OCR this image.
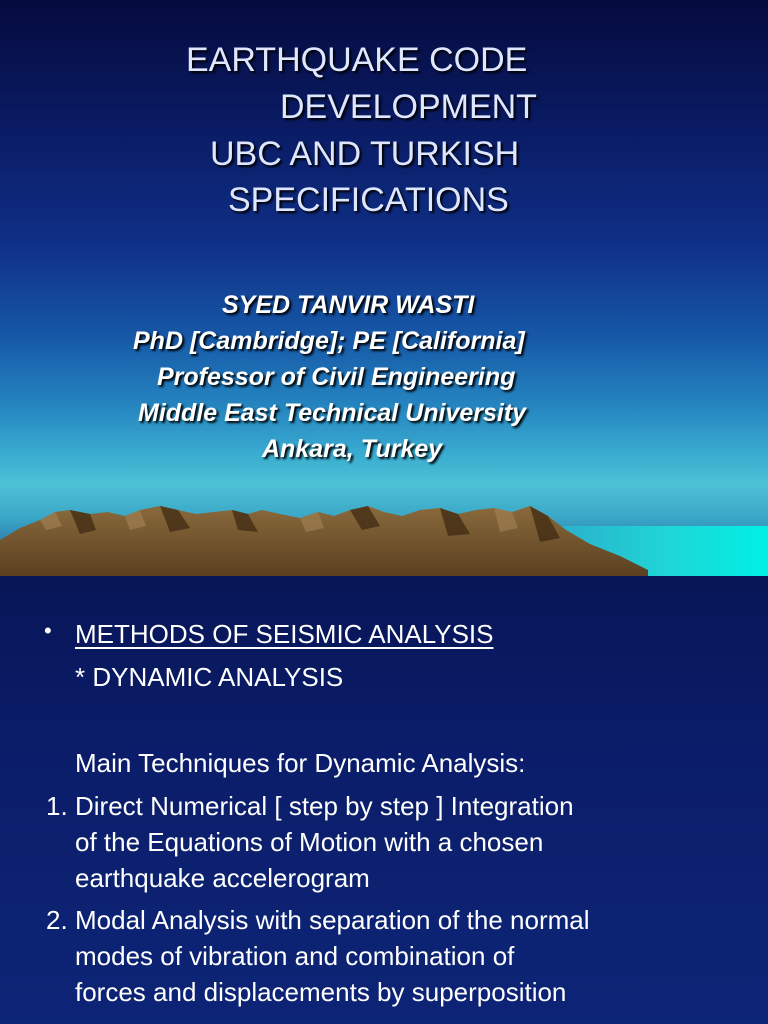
EARTHQUAKE CODE
DEVELOPMENT
UBC AND TURKISH
SPECIFICATIONS
SYED TANVIR WASTI
PhD [Cambridge]; PE [California]
Professor of Civil Engineering
Middle East Technical University
Ankara, Turkey
• METHODS OF SEISMIC ANALYSIS
* DYNAMIC ANALYSIS
Main Techniques for Dynamic Analysis:
1. Direct Numerical [ step by step ] Integration
of the Equations of Motion with a chosen
earthquake accelerogram
2. Modal Analysis with separation of the normal
modes of vibration and combination of
forces and displacements by superposition
